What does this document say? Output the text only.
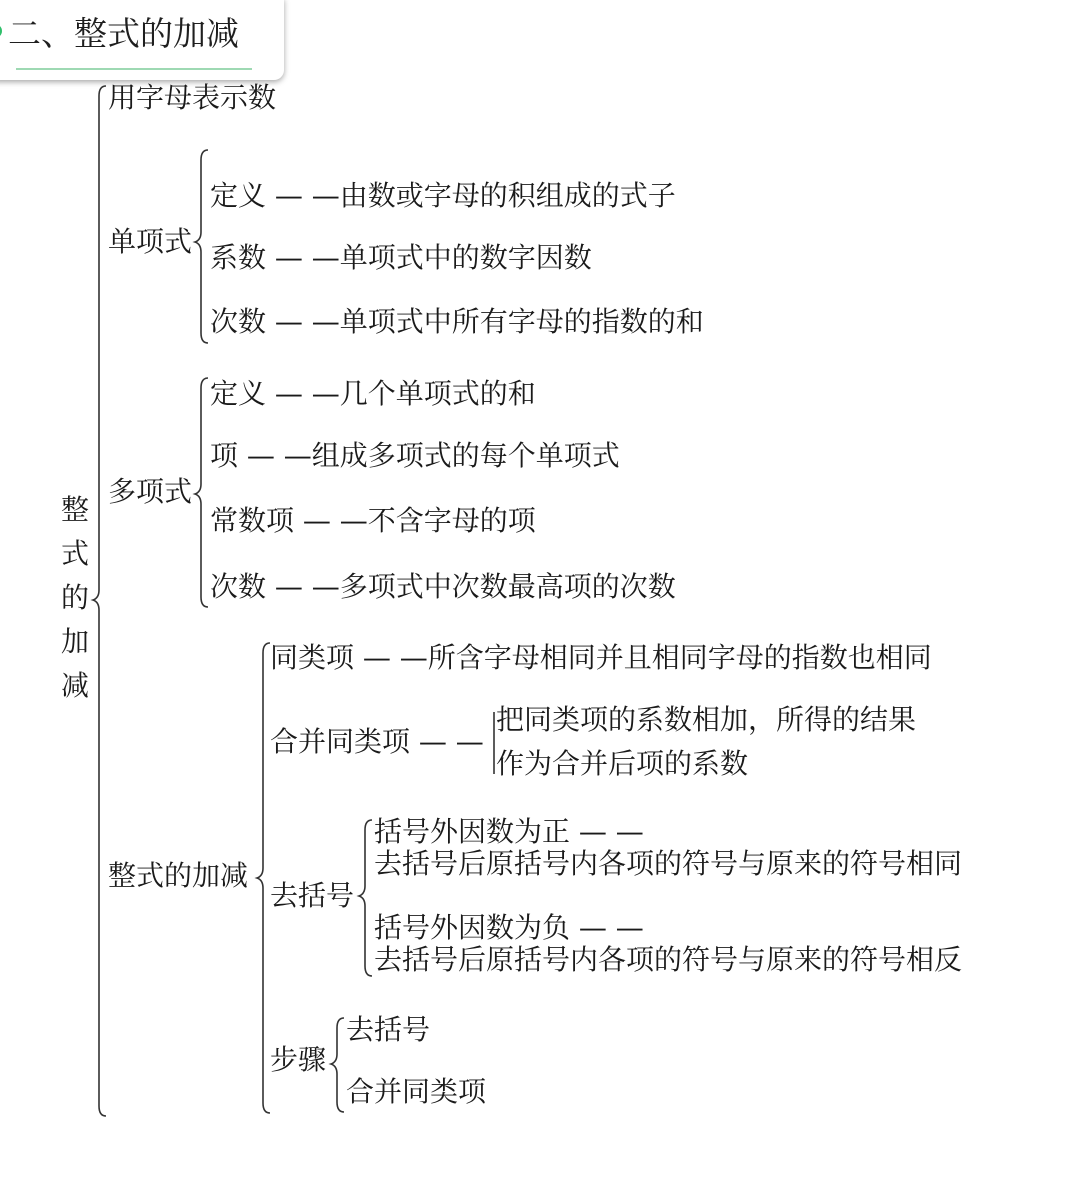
二、整式的加减
整
式
的
加
减
用字母表示数
单项式
定义 — —由数或字母的积组成的式子
系数 — —单项式中的数字因数
次数 — —单项式中所有字母的指数的和
多项式
定义 — —几个单项式的和
项 — —组成多项式的每个单项式
常数项 — —不含字母的项
次数 — —多项式中次数最高项的次数
整式的加减
同类项 — —所含字母相同并且相同字母的指数也相同
合并同类项 — —
把同类项的系数相加，所得的结果
作为合并后项的系数
去括号
括号外因数为正 — —
去括号后原括号内各项的符号与原来的符号相同
括号外因数为负 — —
去括号后原括号内各项的符号与原来的符号相反
步骤
去括号
合并同类项
